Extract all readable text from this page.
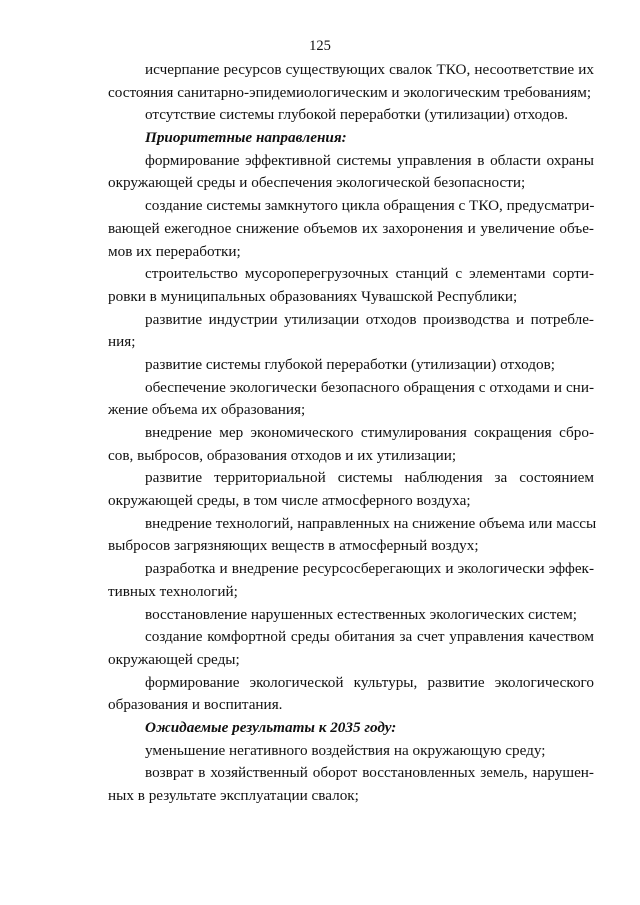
125
исчерпание ресурсов существующих свалок ТКО, несоответствие их
состояния санитарно-эпидемиологическим и экологическим требованиям;
отсутствие системы глубокой переработки (утилизации) отходов.
Приоритетные направления:
формирование эффективной системы управления в области охраны
окружающей среды и обеспечения экологической безопасности;
создание системы замкнутого цикла обращения с ТКО, предусматри-
вающей ежегодное снижение объемов их захоронения и увеличение объе-
мов их переработки;
строительство мусороперегрузочных станций с элементами сорти-
ровки в муниципальных образованиях Чувашской Республики;
развитие индустрии утилизации отходов производства и потребле-
ния;
развитие системы глубокой переработки (утилизации) отходов;
обеспечение экологически безопасного обращения с отходами и сни-
жение объема их образования;
внедрение мер экономического стимулирования сокращения сбро-
сов, выбросов, образования отходов и их утилизации;
развитие территориальной системы наблюдения за состоянием
окружающей среды, в том числе атмосферного воздуха;
внедрение технологий, направленных на снижение объема или массы
выбросов загрязняющих веществ в атмосферный воздух;
разработка и внедрение ресурсосберегающих и экологически эффек-
тивных технологий;
восстановление нарушенных естественных экологических систем;
создание комфортной среды обитания за счет управления качеством
окружающей среды;
формирование экологической культуры, развитие экологического
образования и воспитания.
Ожидаемые результаты к 2035 году:
уменьшение негативного воздействия на окружающую среду;
возврат в хозяйственный оборот восстановленных земель, нарушен-
ных в результате эксплуатации свалок;
